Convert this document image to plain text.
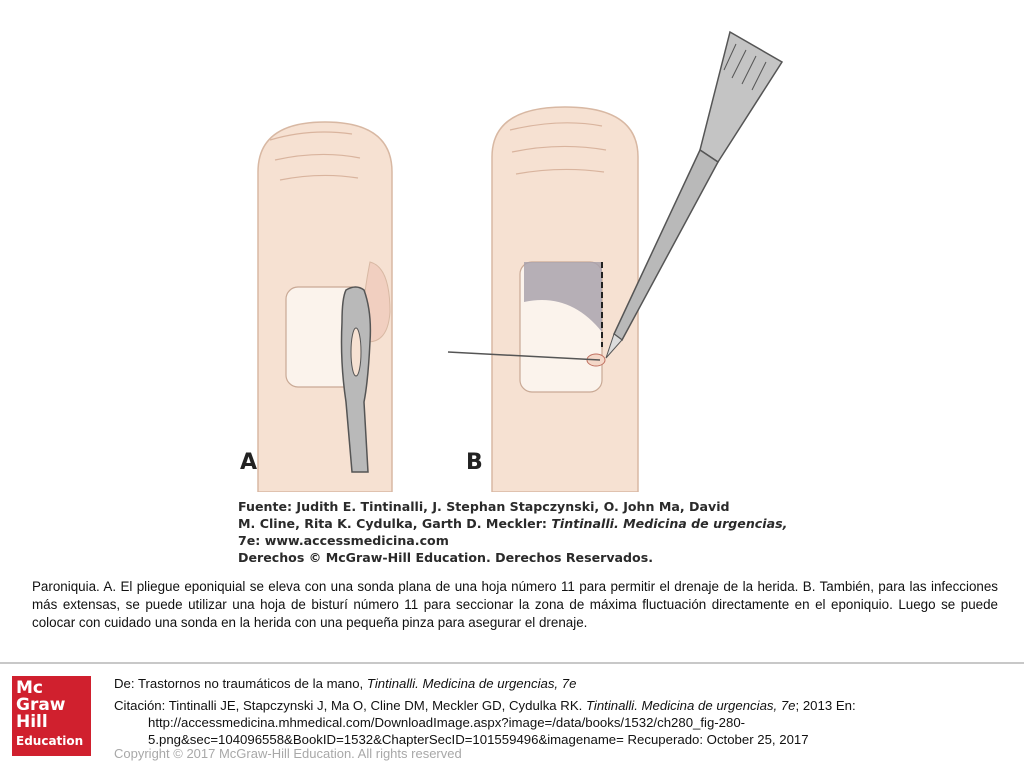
A	B
Fuente: Judith E. Tintinalli, J. Stephan Stapczynski, O. John Ma, David
M. Cline, Rita K. Cydulka, Garth D. Meckler: Tintinalli. Medicina de urgencias,
7e: www.accessmedicina.com
Derechos © McGraw-Hill Education. Derechos Reservados.
Paroniquia. A. El pliegue eponiquial se eleva con una sonda plana de una hoja número 11 para permitir el drenaje de la herida. B. También, para las infecciones más extensas, se puede utilizar una hoja de bisturí número 11 para seccionar la zona de máxima fluctuación directamente en el eponiquio. Luego se puede colocar con cuidado una sonda en la herida con una pequeña pinza para asegurar el drenaje.
Mc
Graw
Hill
Education
De: Trastornos no traumáticos de la mano, Tintinalli. Medicina de urgencias, 7e
Citación: Tintinalli JE, Stapczynski J, Ma O, Cline DM, Meckler GD, Cydulka RK. Tintinalli. Medicina de urgencias, 7e; 2013 En:
http://accessmedicina.mhmedical.com/DownloadImage.aspx?image=/data/books/1532/ch280_fig-280-
5.png&sec=104096558&BookID=1532&ChapterSecID=101559496&imagename= Recuperado: October 25, 2017
Copyright © 2017 McGraw-Hill Education. All rights reserved
